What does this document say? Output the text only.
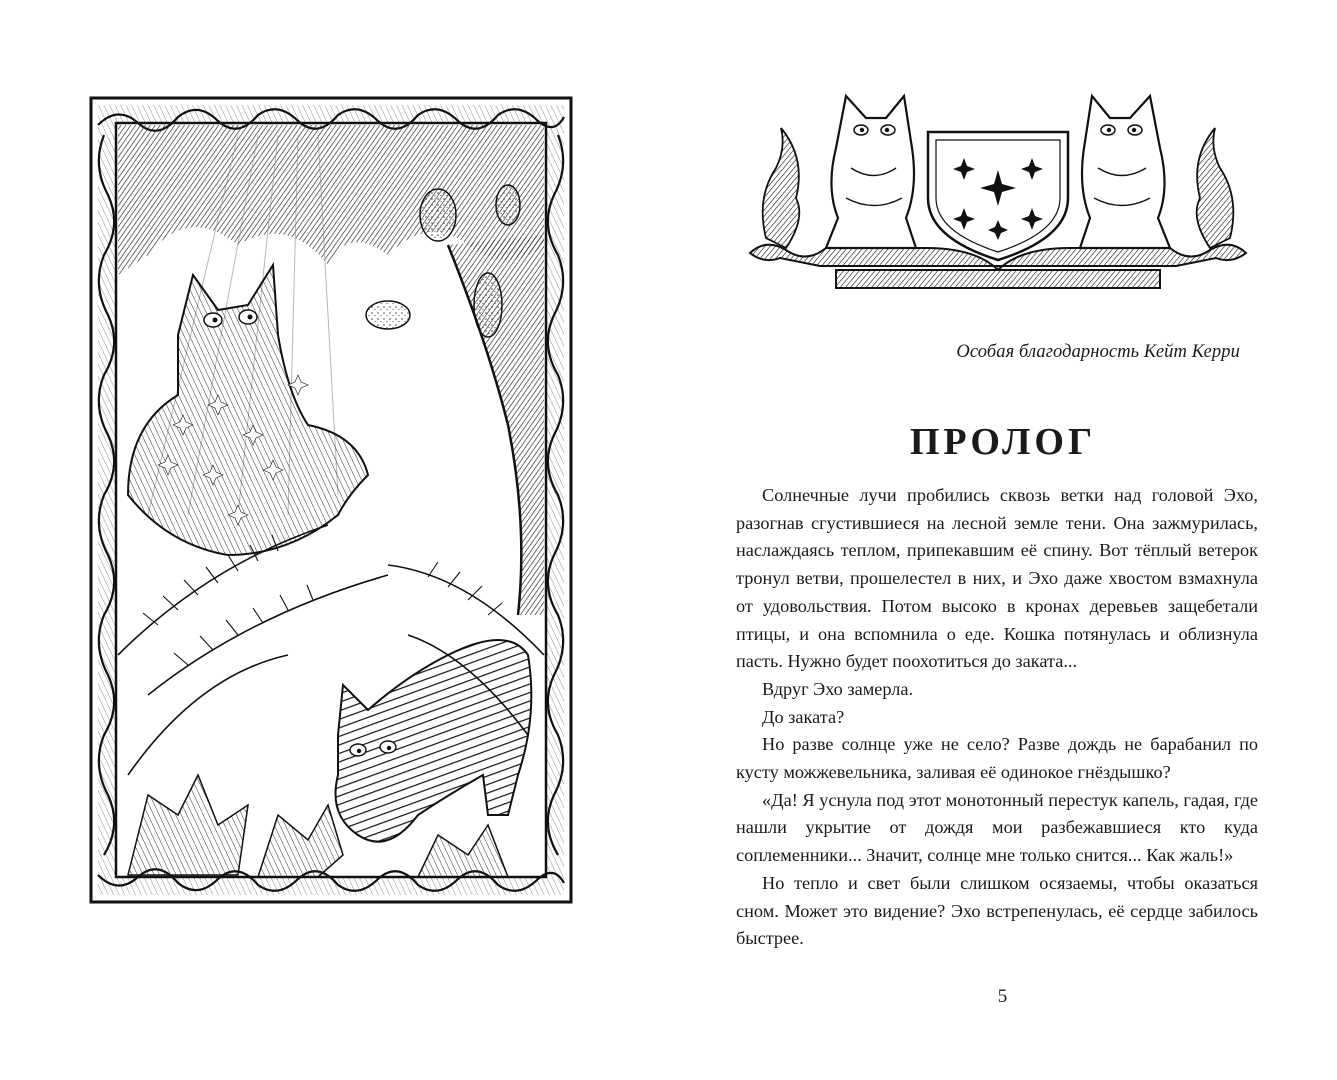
Особая благодарность Кейт Керри
ПРОЛОГ

Солнечные лучи пробились сквозь ветки над головой Эхо, разогнав сгустившиеся на лесной земле тени. Она зажмурилась, наслаждаясь теплом, припекавшим её спину. Вот тёплый ветерок тронул ветви, прошелестел в них, и Эхо даже хвостом взмахнула от удовольствия. Потом высоко в кронах деревьев защебетали птицы, и она вспомнила о еде. Кошка потянулась и облизнула пасть. Нужно будет поохотиться до заката...

Вдруг Эхо замерла.

До заката?

Но разве солнце уже не село? Разве дождь не барабанил по кусту можжевельника, заливая её одинокое гнёздышко?

«Да! Я уснула под этот монотонный перестук капель, гадая, где нашли укрытие от дождя мои разбежавшиеся кто куда соплеменники... Значит, солнце мне только снится... Как жаль!»

Но тепло и свет были слишком осязаемы, чтобы оказаться сном. Может это видение? Эхо встрепенулась, её сердце забилось быстрее.

5
